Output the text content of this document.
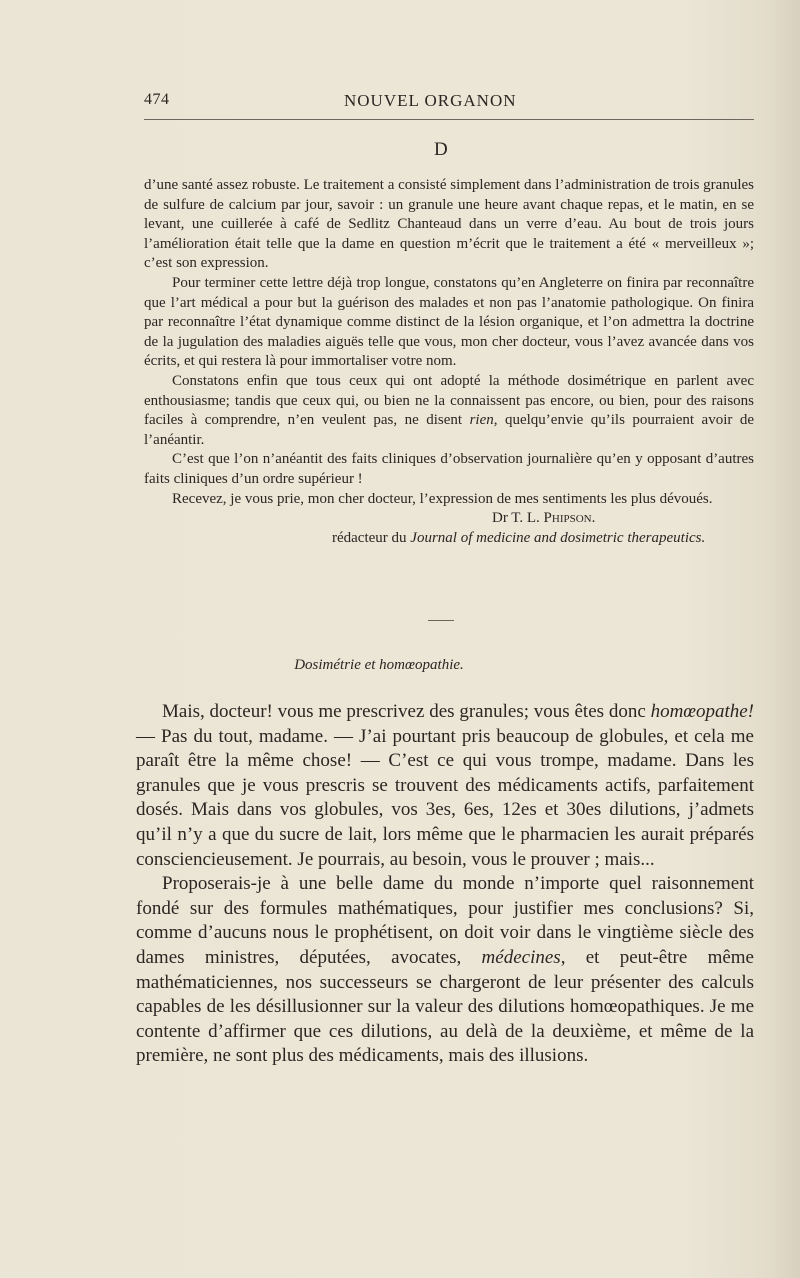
474	NOUVEL ORGANON
D

d’une santé assez robuste. Le traitement a consisté simplement dans l’administration de trois granules de sulfure de calcium par jour, savoir : un granule une heure avant chaque repas, et le matin, en se levant, une cuillerée à café de Sedlitz Chanteaud dans un verre d’eau. Au bout de trois jours l’amélioration était telle que la dame en question m’écrit que le traitement a été « merveilleux »; c’est son expression.

Pour terminer cette lettre déjà trop longue, constatons qu’en Angleterre on finira par reconnaître que l’art médical a pour but la guérison des malades et non pas l’anatomie pathologique. On finira par reconnaître l’état dynamique comme distinct de la lésion organique, et l’on admettra la doctrine de la jugulation des maladies aiguës telle que vous, mon cher docteur, vous l’avez avancée dans vos écrits, et qui restera là pour immortaliser votre nom.

Constatons enfin que tous ceux qui ont adopté la méthode dosimétrique en parlent avec enthousiasme; tandis que ceux qui, ou bien ne la connaissent pas encore, ou bien, pour des raisons faciles à comprendre, n’en veulent pas, ne disent rien, quelqu’envie qu’ils pourraient avoir de l’anéantir.

C’est que l’on n’anéantit des faits cliniques d’observation journalière qu’en y opposant d’autres faits cliniques d’un ordre supérieur !

Recevez, je vous prie, mon cher docteur, l’expression de mes sentiments les plus dévoués.

Dr T. L. Phipson.

rédacteur du Journal of medicine and dosimetric therapeutics.

Dosimétrie et homœopathie.

Mais, docteur! vous me prescrivez des granules; vous êtes donc homœopathe! — Pas du tout, madame. — J’ai pourtant pris beaucoup de globules, et cela me paraît être la même chose! — C’est ce qui vous trompe, madame. Dans les granules que je vous prescris se trouvent des médicaments actifs, parfaitement dosés. Mais dans vos globules, vos 3es, 6es, 12es et 30es dilutions, j’admets qu’il n’y a que du sucre de lait, lors même que le pharmacien les aurait préparés consciencieusement. Je pourrais, au besoin, vous le prouver ; mais...

Proposerais-je à une belle dame du monde n’importe quel raisonnement fondé sur des formules mathématiques, pour justifier mes conclusions? Si, comme d’aucuns nous le prophétisent, on doit voir dans le vingtième siècle des dames ministres, députées, avocates, médecines, et peut-être même mathématiciennes, nos successeurs se chargeront de leur présenter des calculs capables de les désillusionner sur la valeur des dilutions homœopathiques. Je me contente d’affirmer que ces dilutions, au delà de la deuxième, et même de la première, ne sont plus des médicaments, mais des illusions.
